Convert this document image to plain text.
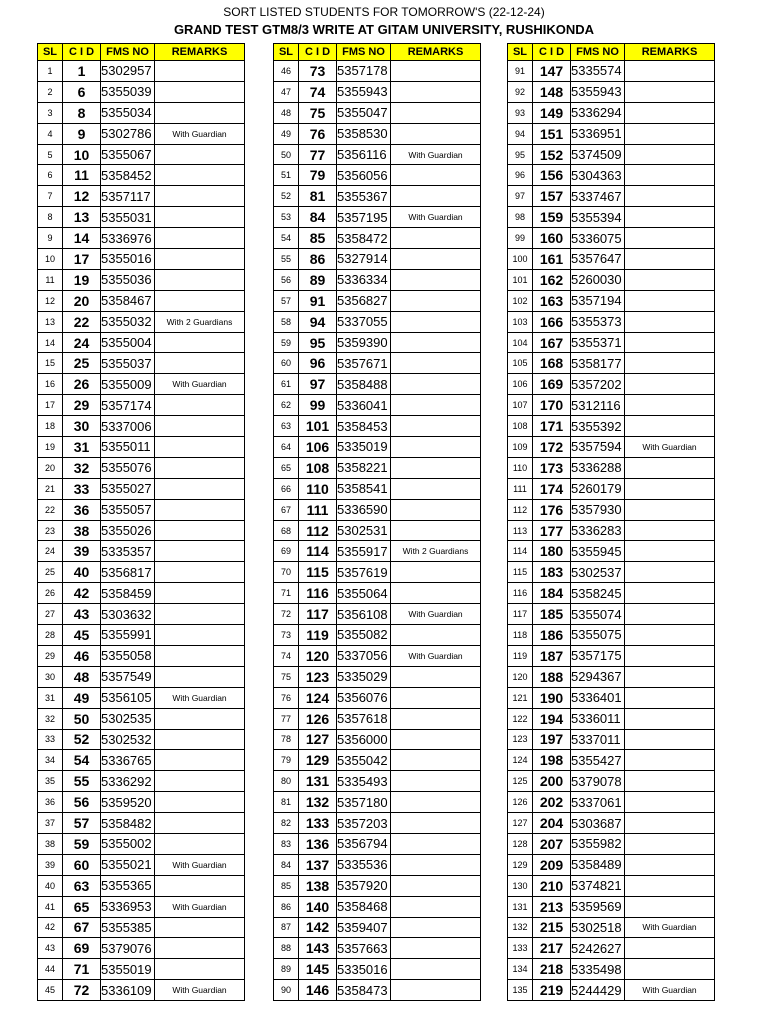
SORT LISTED STUDENTS FOR TOMORROW'S (22-12-24)
GRAND TEST GTM8/3 WRITE AT GITAM UNIVERSITY, RUSHIKONDA
SL	C I D	FMS NO	REMARKS
1	1	5302957	
2	6	5355039	
3	8	5355034	
4	9	5302786	With Guardian
5	10	5355067	
6	11	5358452	
7	12	5357117	
8	13	5355031	
9	14	5336976	
10	17	5355016	
11	19	5355036	
12	20	5358467	
13	22	5355032	With 2 Guardians
14	24	5355004	
15	25	5355037	
16	26	5355009	With Guardian
17	29	5357174	
18	30	5337006	
19	31	5355011	
20	32	5355076	
21	33	5355027	
22	36	5355057	
23	38	5355026	
24	39	5335357	
25	40	5356817	
26	42	5358459	
27	43	5303632	
28	45	5355991	
29	46	5355058	
30	48	5357549	
31	49	5356105	With Guardian
32	50	5302535	
33	52	5302532	
34	54	5336765	
35	55	5336292	
36	56	5359520	
37	57	5358482	
38	59	5355002	
39	60	5355021	With Guardian
40	63	5355365	
41	65	5336953	With Guardian
42	67	5355385	
43	69	5379076	
44	71	5355019	
45	72	5336109	With Guardian
SL	C I D	FMS NO	REMARKS
46	73	5357178	
47	74	5355943	
48	75	5355047	
49	76	5358530	
50	77	5356116	With Guardian
51	79	5356056	
52	81	5355367	
53	84	5357195	With Guardian
54	85	5358472	
55	86	5327914	
56	89	5336334	
57	91	5356827	
58	94	5337055	
59	95	5359390	
60	96	5357671	
61	97	5358488	
62	99	5336041	
63	101	5358453	
64	106	5335019	
65	108	5358221	
66	110	5358541	
67	111	5336590	
68	112	5302531	
69	114	5355917	With 2 Guardians
70	115	5357619	
71	116	5355064	
72	117	5356108	With Guardian
73	119	5355082	
74	120	5337056	With Guardian
75	123	5335029	
76	124	5356076	
77	126	5357618	
78	127	5356000	
79	129	5355042	
80	131	5335493	
81	132	5357180	
82	133	5357203	
83	136	5356794	
84	137	5335536	
85	138	5357920	
86	140	5358468	
87	142	5359407	
88	143	5357663	
89	145	5335016	
90	146	5358473	
SL	C I D	FMS NO	REMARKS
91	147	5335574	
92	148	5355943	
93	149	5336294	
94	151	5336951	
95	152	5374509	
96	156	5304363	
97	157	5337467	
98	159	5355394	
99	160	5336075	
100	161	5357647	
101	162	5260030	
102	163	5357194	
103	166	5355373	
104	167	5355371	
105	168	5358177	
106	169	5357202	
107	170	5312116	
108	171	5355392	
109	172	5357594	With Guardian
110	173	5336288	
111	174	5260179	
112	176	5357930	
113	177	5336283	
114	180	5355945	
115	183	5302537	
116	184	5358245	
117	185	5355074	
118	186	5355075	
119	187	5357175	
120	188	5294367	
121	190	5336401	
122	194	5336011	
123	197	5337011	
124	198	5355427	
125	200	5379078	
126	202	5337061	
127	204	5303687	
128	207	5355982	
129	209	5358489	
130	210	5374821	
131	213	5359569	
132	215	5302518	With Guardian
133	217	5242627	
134	218	5335498	
135	219	5244429	With Guardian
